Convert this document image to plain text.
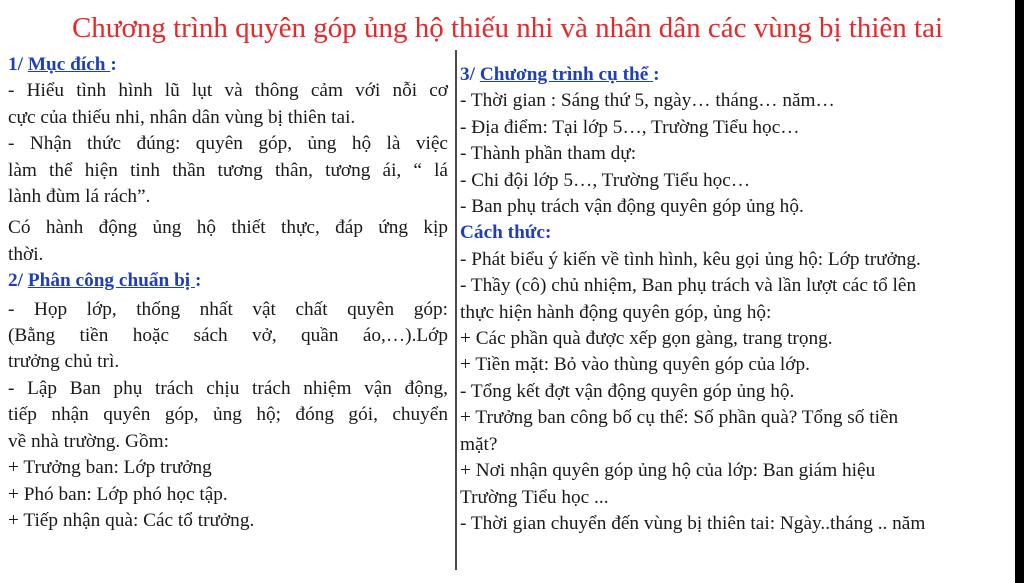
Chương trình quyên góp ủng hộ thiếu nhi và nhân dân các vùng bị thiên tai
1/ Mục đích :
- Hiểu tình hình lũ lụt và thông cảm với nỗi cơ
cực của thiếu nhi, nhân dân vùng bị thiên tai.
- Nhận thức đúng: quyên góp, ủng hộ là việc
làm thể hiện tinh thần tương thân, tương ái, “ lá
lành đùm lá rách”.
Có hành động ủng hộ thiết thực, đáp ứng kịp
thời.
2/ Phân công chuẩn bị :
- Họp lớp, thống nhất vật chất quyên góp:
(Bằng tiền hoặc sách vở, quần áo,…).Lớp
trưởng chủ trì.
- Lập Ban phụ trách chịu trách nhiệm vận động,
tiếp nhận quyên góp, ủng hộ; đóng gói, chuyển
về nhà trường. Gồm:
+ Trưởng ban: Lớp trưởng
+ Phó ban: Lớp phó học tập.
+ Tiếp nhận quà: Các tổ trưởng.
3/ Chương trình cụ thể :
- Thời gian : Sáng thứ 5, ngày… tháng… năm…
- Địa điểm: Tại lớp 5…, Trường Tiểu học…
- Thành phần tham dự:
- Chi đội lớp 5…, Trường Tiểu học…
- Ban phụ trách vận động quyên góp ủng hộ.
Cách thức:
- Phát biểu ý kiến về tình hình, kêu gọi ủng hộ: Lớp trưởng.
- Thầy (cô) chủ nhiệm, Ban phụ trách và lần lượt các tổ lên
thực hiện hành động quyên góp, ủng hộ:
+ Các phần quà được xếp gọn gàng, trang trọng.
+ Tiền mặt: Bỏ vào thùng quyên góp của lớp.
- Tổng kết đợt vận động quyên góp ủng hộ.
+ Trưởng ban công bố cụ thể: Số phần quà? Tổng số tiền
mặt?
+ Nơi nhận quyên góp ủng hộ của lớp: Ban giám hiệu
Trường Tiểu học ...
- Thời gian chuyển đến vùng bị thiên tai: Ngày..tháng .. năm
